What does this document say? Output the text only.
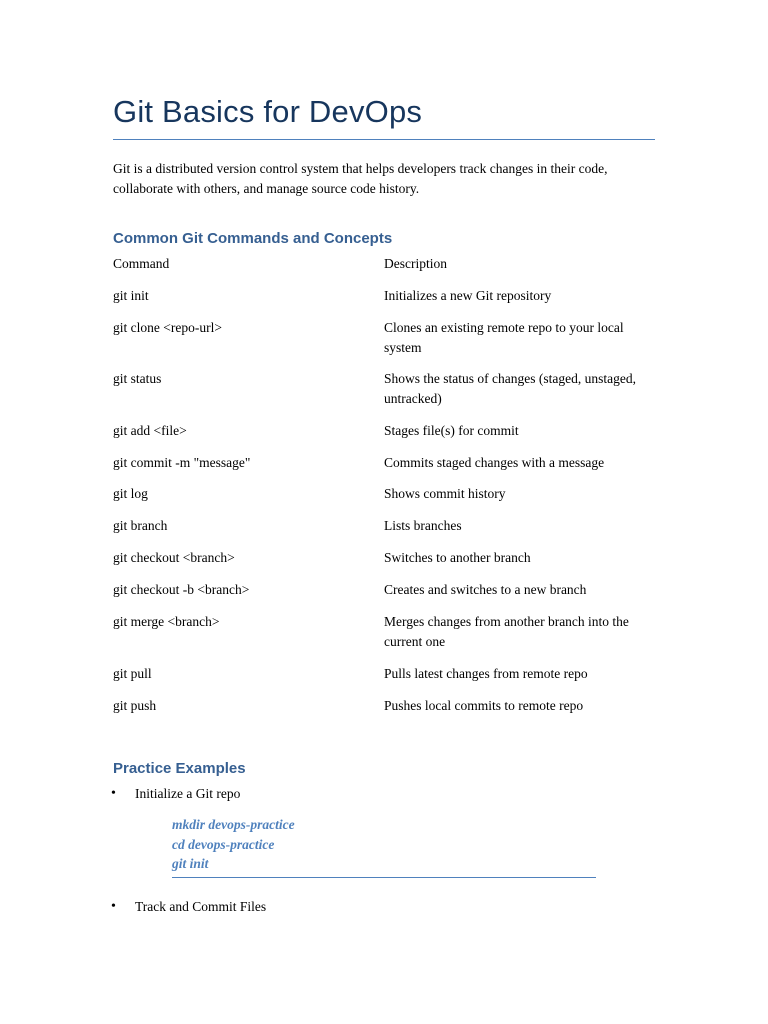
Git Basics for DevOps
Git is a distributed version control system that helps developers track changes in their code, collaborate with others, and manage source code history.
Common Git Commands and Concepts
Command	Description
git init	Initializes a new Git repository
git clone <repo-url>	Clones an existing remote repo to your local system
git status	Shows the status of changes (staged, unstaged, untracked)
git add <file>	Stages file(s) for commit
git commit -m "message"	Commits staged changes with a message
git log	Shows commit history
git branch	Lists branches
git checkout <branch>	Switches to another branch
git checkout -b <branch>	Creates and switches to a new branch
git merge <branch>	Merges changes from another branch into the current one
git pull	Pulls latest changes from remote repo
git push	Pushes local commits to remote repo
Practice Examples
• Initialize a Git repo
mkdir devops-practice
cd devops-practice
git init
• Track and Commit Files
